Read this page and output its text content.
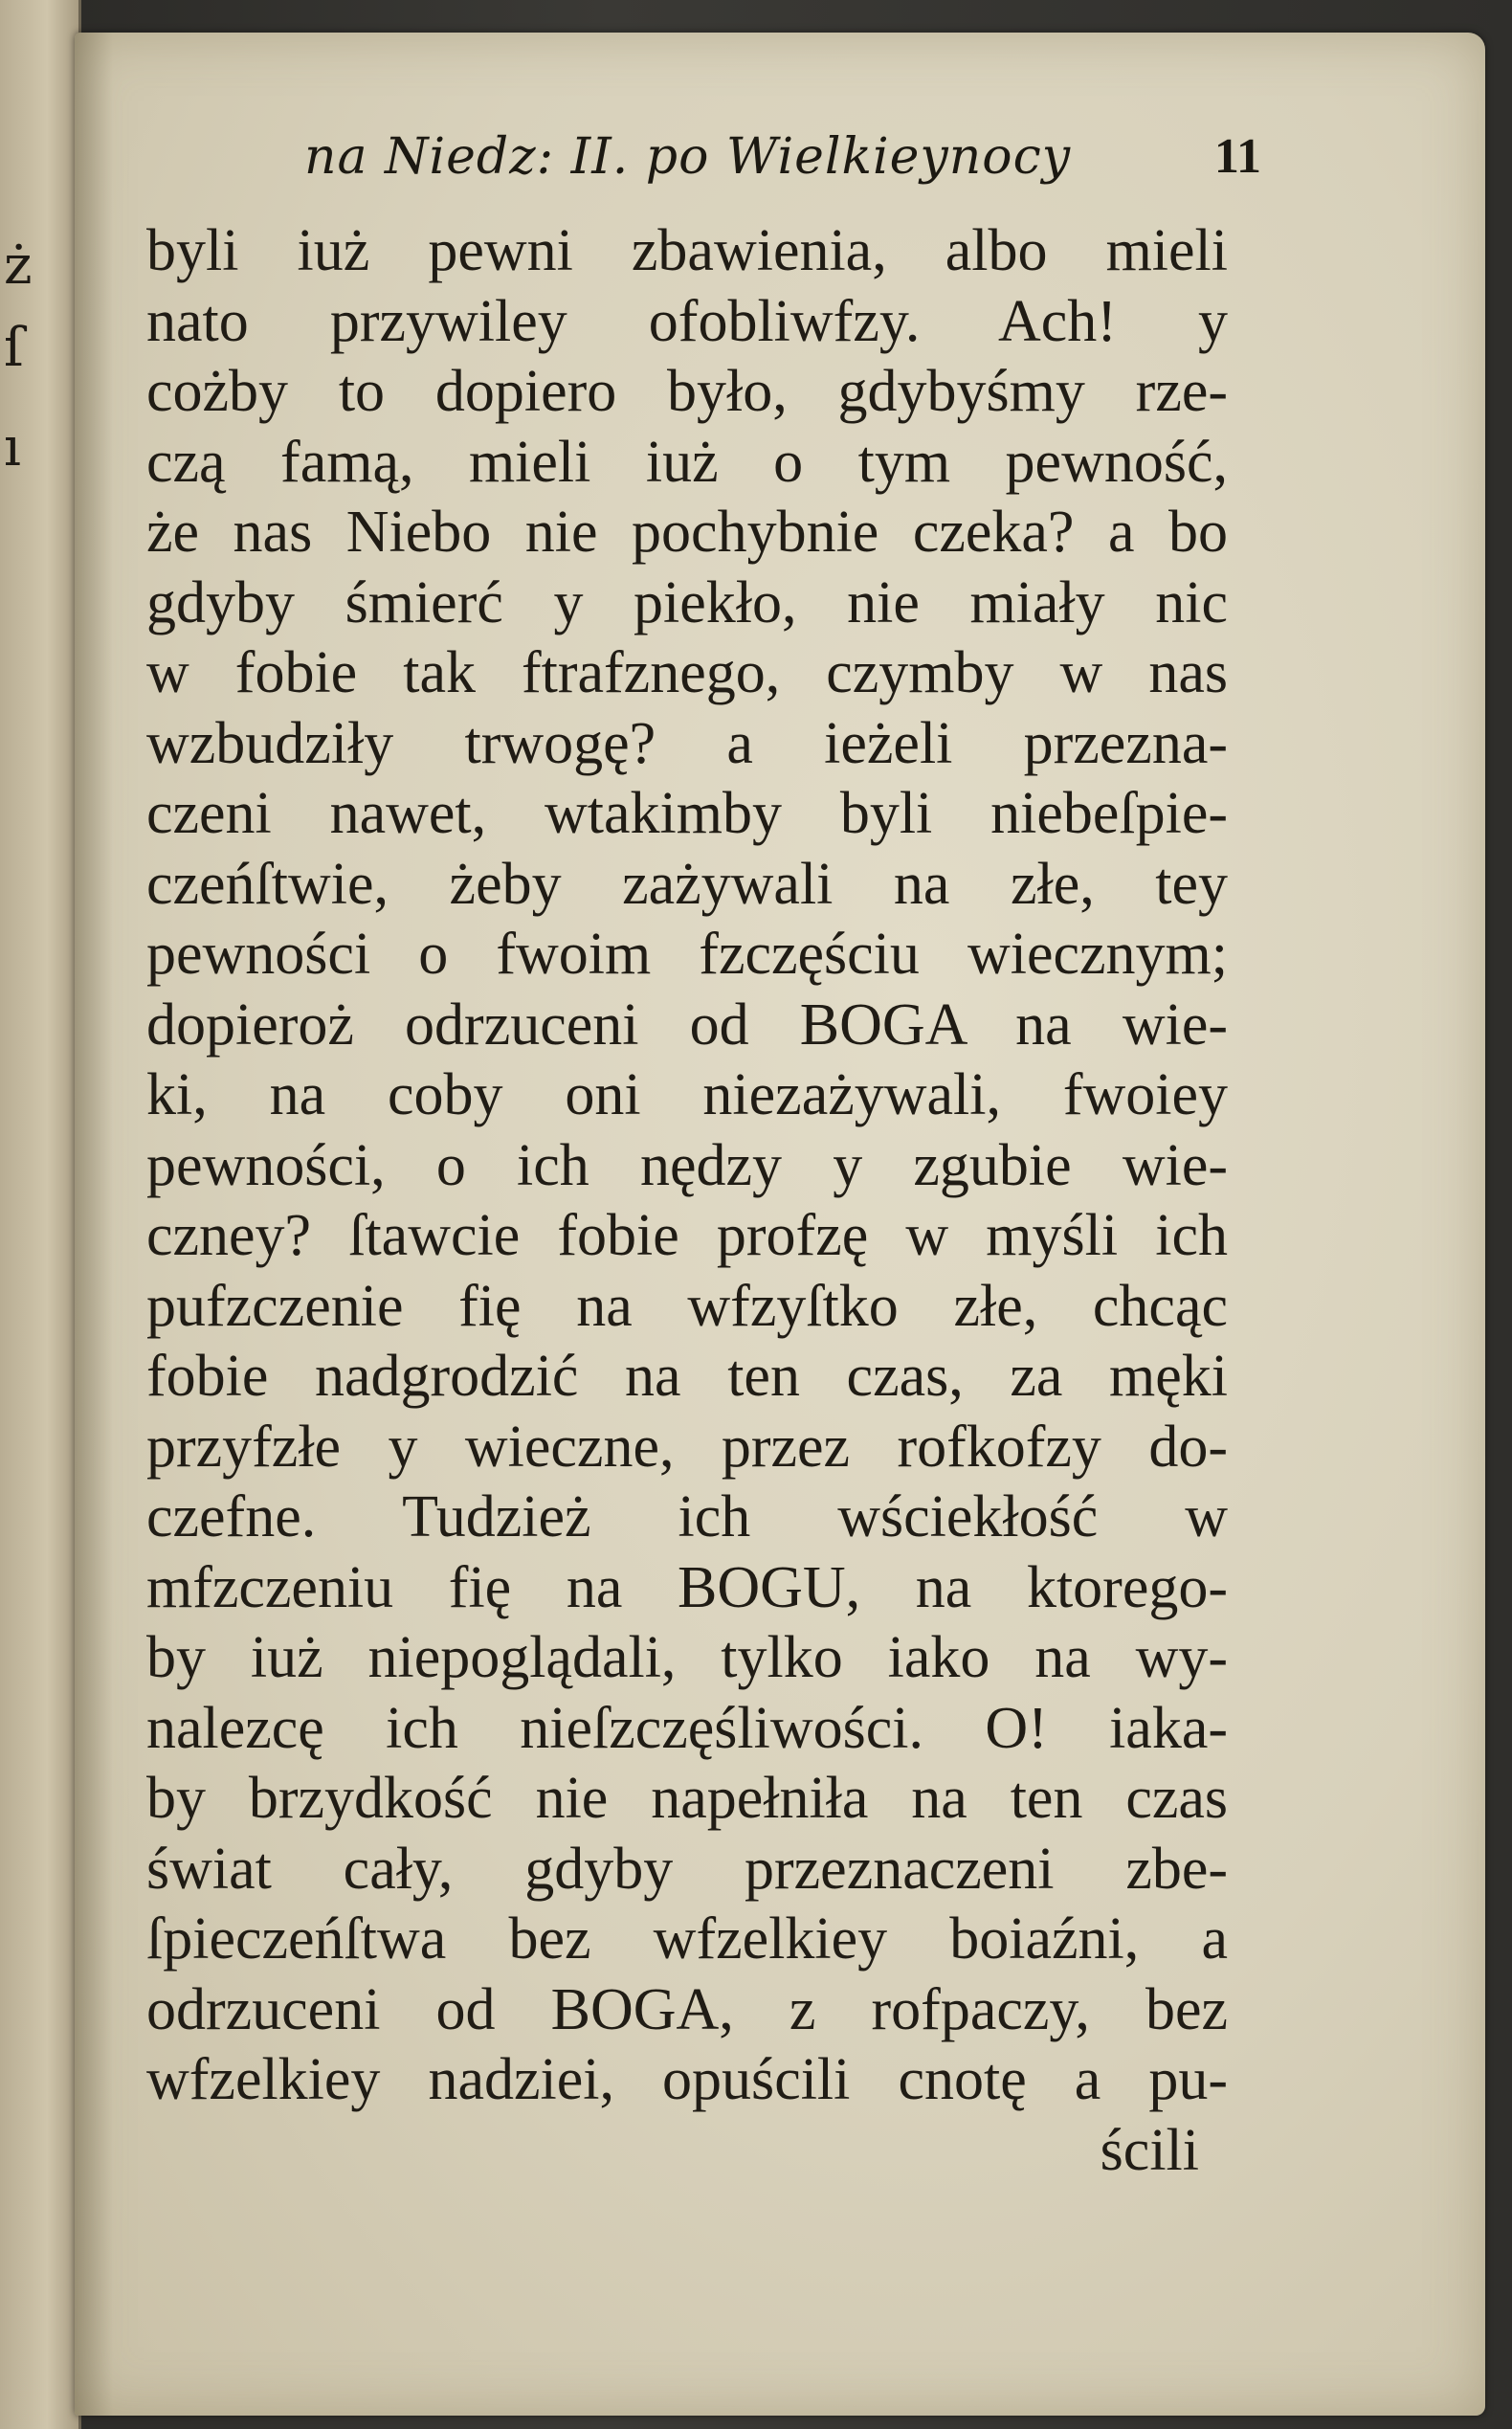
ż
ſ
ı
na Niedz: II. po Wielkieynocy	11
byli iuż pewni zbawienia, albo mieli
nato przywiley ofobliwfzy. Ach! y
cożby to dopiero było, gdybyśmy rze-
czą famą, mieli iuż o tym pewność,
że nas Niebo nie pochybnie czeka? a bo
gdyby śmierć y piekło, nie miały nic
w fobie tak ftrafznego, czymby w nas
wzbudziły trwogę? a ieżeli przezna-
czeni nawet, wtakimby byli niebeſpie-
czeńſtwie, żeby zażywali na złe, tey
pewności o fwoim fzczęściu wiecznym;
dopieroż odrzuceni od BOGA na wie-
ki, na coby oni niezażywali, fwoiey
pewności, o ich nędzy y zgubie wie-
czney? ſtawcie fobie profzę w myśli ich
pufzczenie fię na wfzyſtko złe, chcąc
fobie nadgrodzić na ten czas, za męki
przyfzłe y wieczne, przez rofkofzy do-
czefne. Tudzież ich wściekłość w
mfzczeniu fię na BOGU, na ktorego-
by iuż niepoglądali, tylko iako na wy-
nalezcę ich nieſzczęśliwości. O! iaka-
by brzydkość nie napełniła na ten czas
świat cały, gdyby przeznaczeni zbe-
ſpieczeńſtwa bez wfzelkiey boiaźni, a
odrzuceni od BOGA, z rofpaczy, bez
wfzelkiey nadziei, opuścili cnotę a pu-
ścili
